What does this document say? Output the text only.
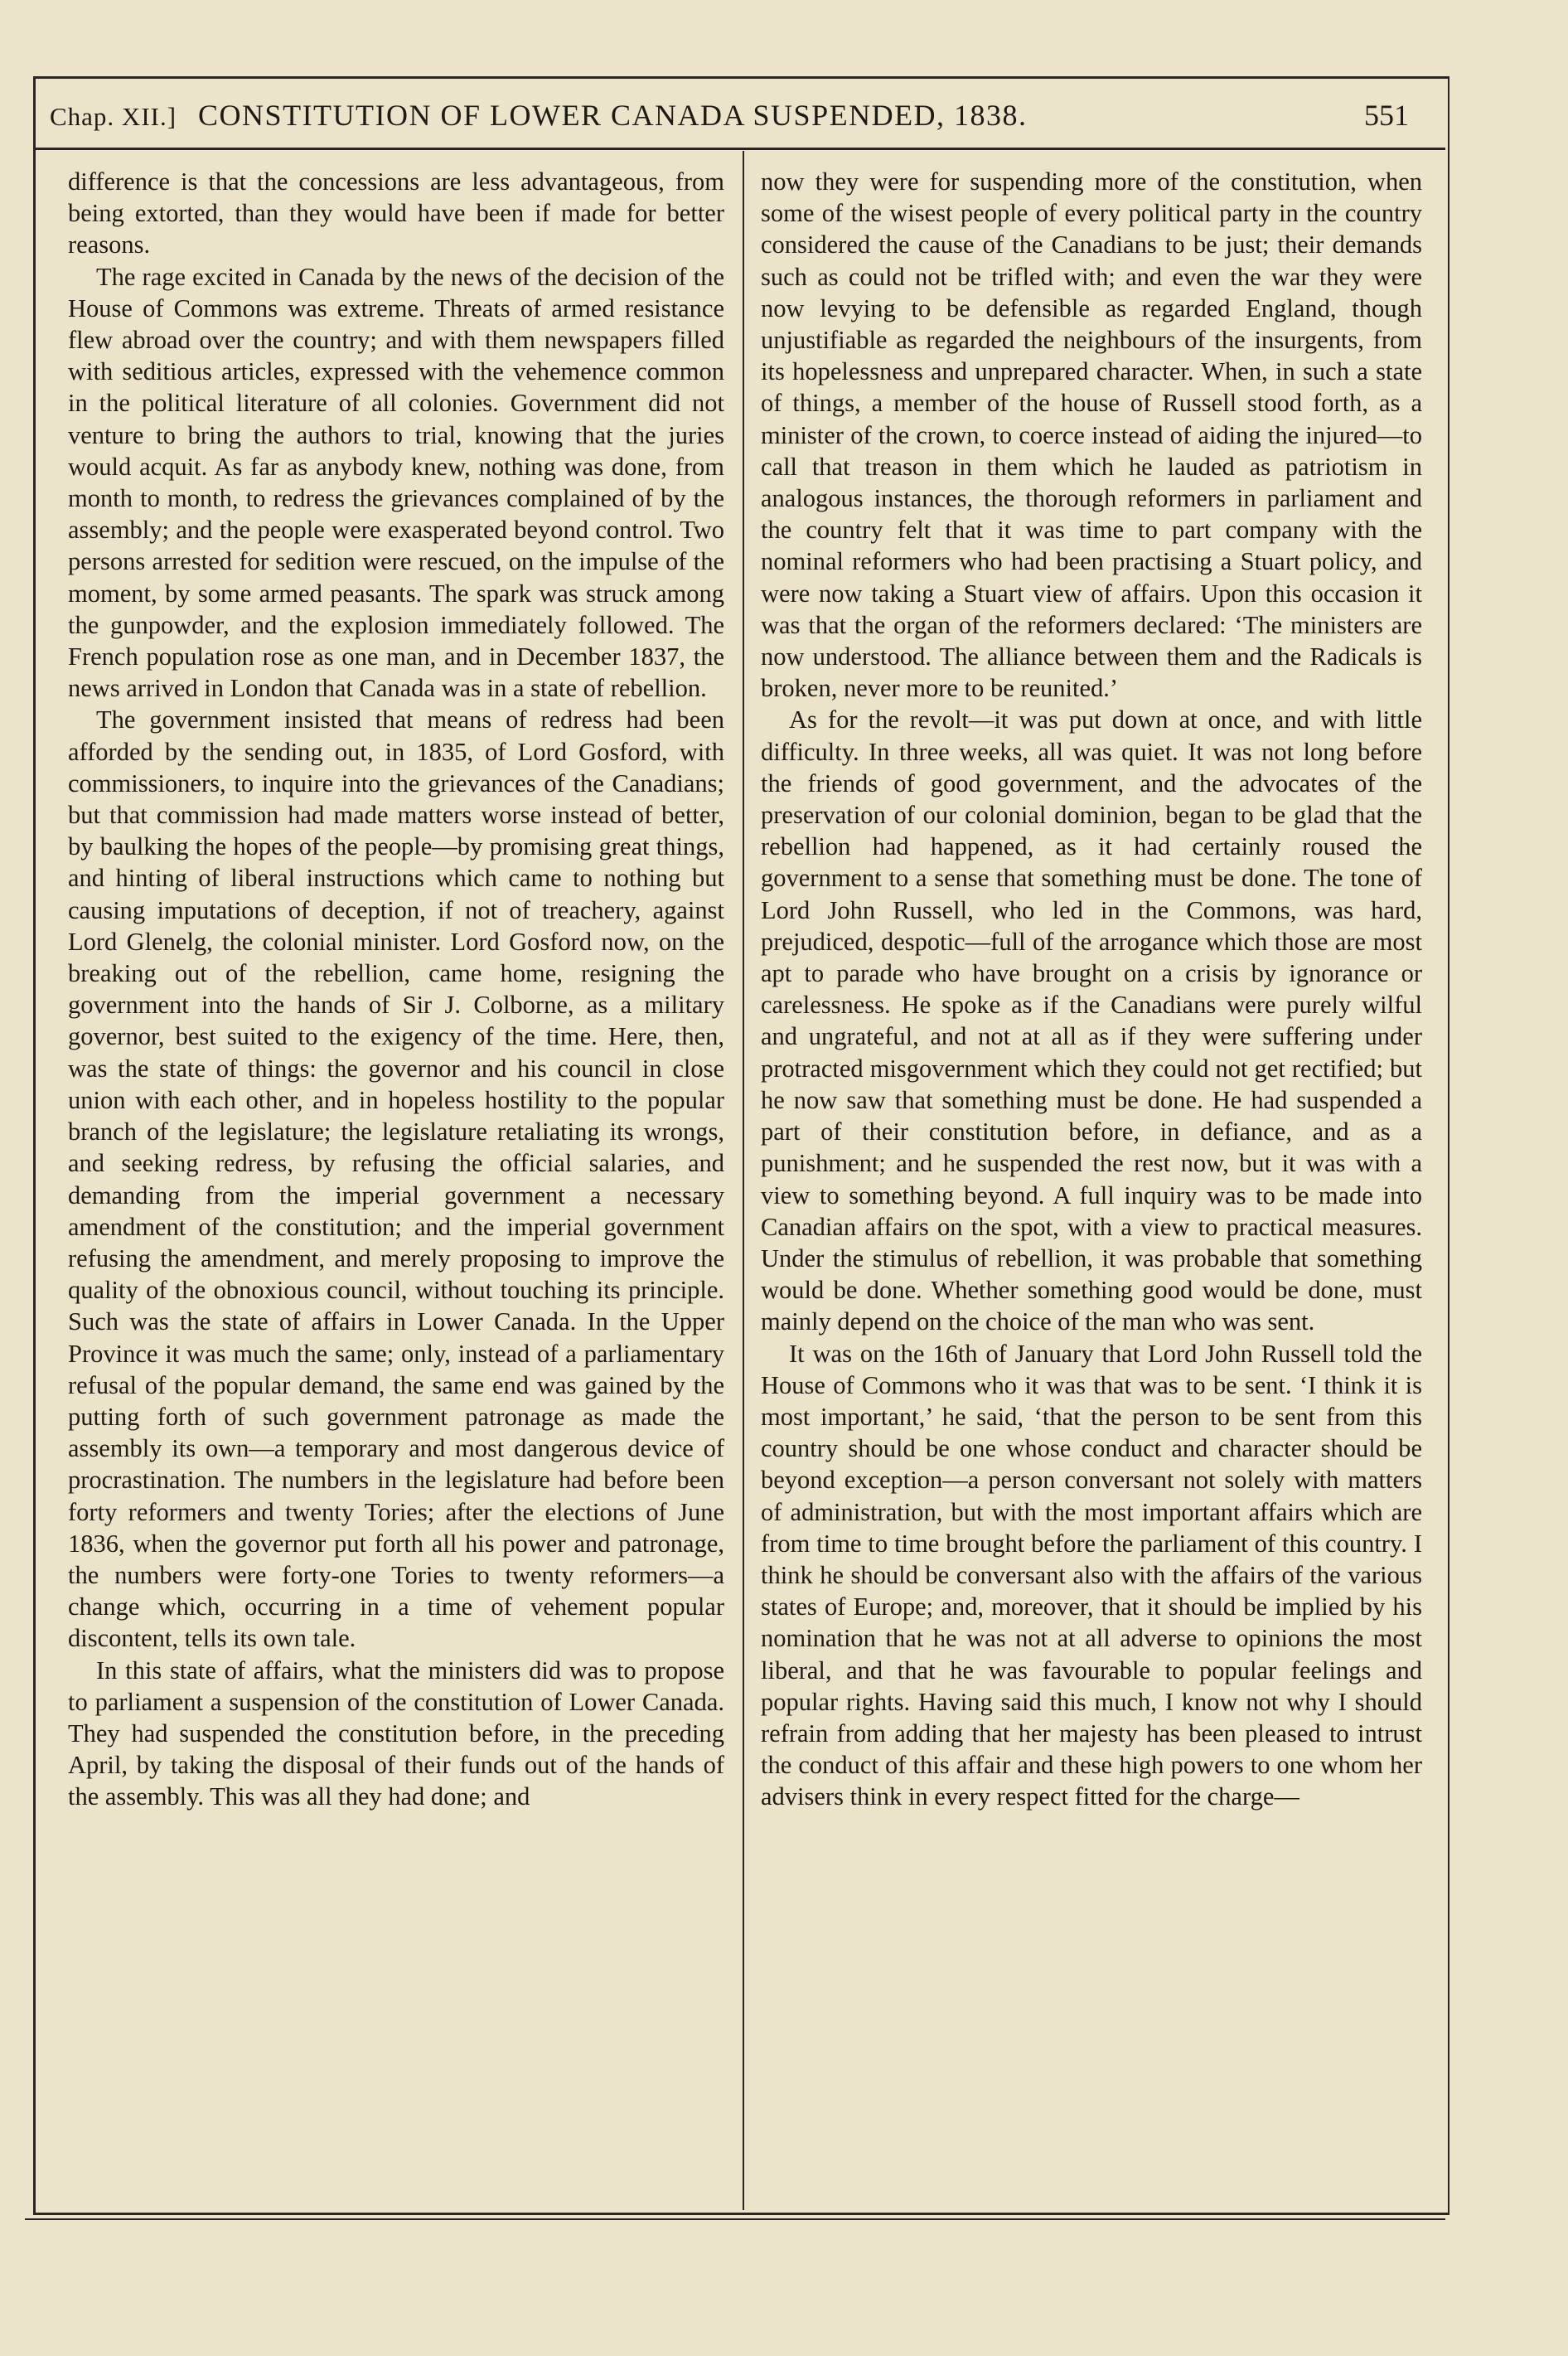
Chap. XII.] CONSTITUTION OF LOWER CANADA SUSPENDED, 1838.	551

difference is that the concessions are less advantageous, from being extorted, than they would have been if made for better reasons.

The rage excited in Canada by the news of the decision of the House of Commons was extreme. Threats of armed resistance flew abroad over the country; and with them newspapers filled with seditious articles, expressed with the vehemence common in the political literature of all colonies. Government did not venture to bring the authors to trial, knowing that the juries would acquit. As far as anybody knew, nothing was done, from month to month, to redress the grievances complained of by the assembly; and the people were exasperated beyond control. Two persons arrested for sedition were rescued, on the impulse of the moment, by some armed peasants. The spark was struck among the gunpowder, and the explosion immediately followed. The French population rose as one man, and in December 1837, the news arrived in London that Canada was in a state of rebellion.

The government insisted that means of redress had been afforded by the sending out, in 1835, of Lord Gosford, with commissioners, to inquire into the grievances of the Canadians; but that commission had made matters worse instead of better, by baulking the hopes of the people—by promising great things, and hinting of liberal instructions which came to nothing but causing imputations of deception, if not of treachery, against Lord Glenelg, the colonial minister. Lord Gosford now, on the breaking out of the rebellion, came home, resigning the government into the hands of Sir J. Colborne, as a military governor, best suited to the exigency of the time. Here, then, was the state of things: the governor and his council in close union with each other, and in hopeless hostility to the popular branch of the legislature; the legislature retaliating its wrongs, and seeking redress, by refusing the official salaries, and demanding from the imperial government a necessary amendment of the constitution; and the imperial government refusing the amendment, and merely proposing to improve the quality of the obnoxious council, without touching its principle. Such was the state of affairs in Lower Canada. In the Upper Province it was much the same; only, instead of a parliamentary refusal of the popular demand, the same end was gained by the putting forth of such government patronage as made the assembly its own—a temporary and most dangerous device of procrastination. The numbers in the legislature had before been forty reformers and twenty Tories; after the elections of June 1836, when the governor put forth all his power and patronage, the numbers were forty-one Tories to twenty reformers—a change which, occurring in a time of vehement popular discontent, tells its own tale.

In this state of affairs, what the ministers did was to propose to parliament a suspension of the constitution of Lower Canada. They had suspended the constitution before, in the preceding April, by taking the disposal of their funds out of the hands of the assembly. This was all they had done; and

now they were for suspending more of the constitution, when some of the wisest people of every political party in the country considered the cause of the Canadians to be just; their demands such as could not be trifled with; and even the war they were now levying to be defensible as regarded England, though unjustifiable as regarded the neighbours of the insurgents, from its hopelessness and unprepared character. When, in such a state of things, a member of the house of Russell stood forth, as a minister of the crown, to coerce instead of aiding the injured—to call that treason in them which he lauded as patriotism in analogous instances, the thorough reformers in parliament and the country felt that it was time to part company with the nominal reformers who had been practising a Stuart policy, and were now taking a Stuart view of affairs. Upon this occasion it was that the organ of the reformers declared: ‘The ministers are now understood. The alliance between them and the Radicals is broken, never more to be reunited.’

As for the revolt—it was put down at once, and with little difficulty. In three weeks, all was quiet. It was not long before the friends of good government, and the advocates of the preservation of our colonial dominion, began to be glad that the rebellion had happened, as it had certainly roused the government to a sense that something must be done. The tone of Lord John Russell, who led in the Commons, was hard, prejudiced, despotic—full of the arrogance which those are most apt to parade who have brought on a crisis by ignorance or carelessness. He spoke as if the Canadians were purely wilful and ungrateful, and not at all as if they were suffering under protracted misgovernment which they could not get rectified; but he now saw that something must be done. He had suspended a part of their constitution before, in defiance, and as a punishment; and he suspended the rest now, but it was with a view to something beyond. A full inquiry was to be made into Canadian affairs on the spot, with a view to practical measures. Under the stimulus of rebellion, it was probable that something would be done. Whether something good would be done, must mainly depend on the choice of the man who was sent.

It was on the 16th of January that Lord John Russell told the House of Commons who it was that was to be sent. ‘I think it is most important,’ he said, ‘that the person to be sent from this country should be one whose conduct and character should be beyond exception—a person conversant not solely with matters of administration, but with the most important affairs which are from time to time brought before the parliament of this country. I think he should be conversant also with the affairs of the various states of Europe; and, moreover, that it should be implied by his nomination that he was not at all adverse to opinions the most liberal, and that he was favourable to popular feelings and popular rights. Having said this much, I know not why I should refrain from adding that her majesty has been pleased to intrust the conduct of this affair and these high powers to one whom her advisers think in every respect fitted for the charge—
